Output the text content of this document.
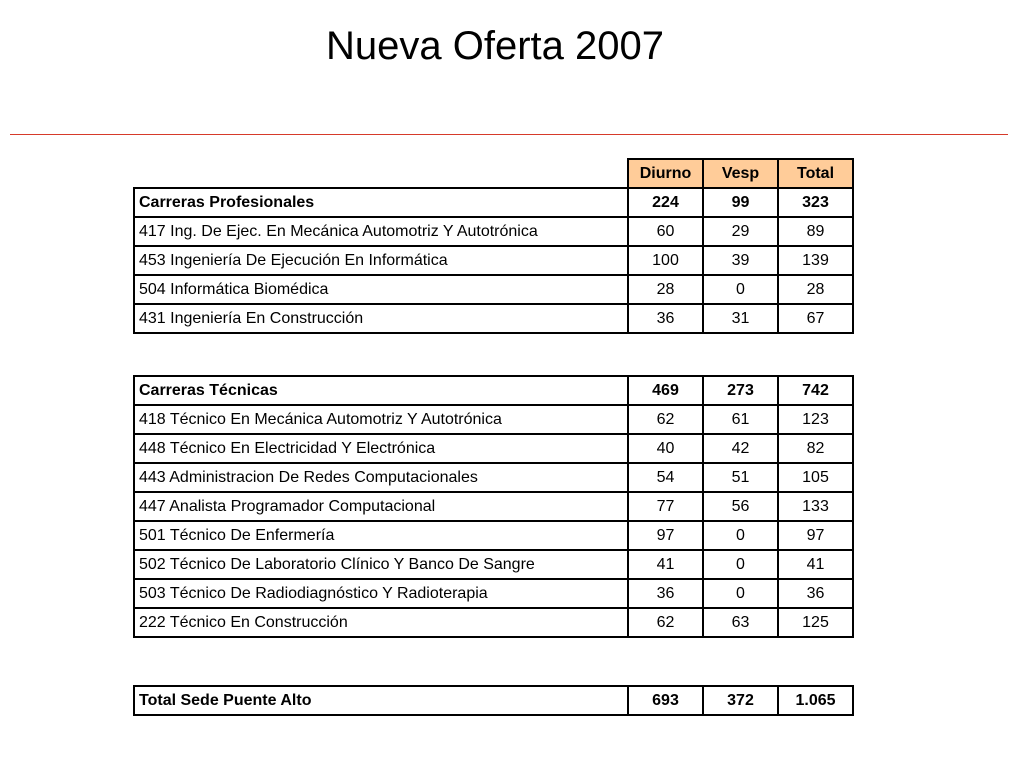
Nueva Oferta 2007
	Diurno	Vesp	Total
Carreras Profesionales	224	99	323
417 Ing. De Ejec. En Mecánica Automotriz Y Autotrónica	60	29	89
453 Ingeniería De Ejecución En Informática	100	39	139
504 Informática Biomédica	28	0	28
431 Ingeniería En Construcción	36	31	67
Carreras Técnicas	469	273	742
418 Técnico En Mecánica Automotriz Y Autotrónica	62	61	123
448 Técnico En Electricidad Y Electrónica	40	42	82
443 Administracion De Redes Computacionales	54	51	105
447 Analista Programador Computacional	77	56	133
501 Técnico De Enfermería	97	0	97
502 Técnico De Laboratorio Clínico Y Banco De Sangre	41	0	41
503 Técnico De Radiodiagnóstico Y Radioterapia	36	0	36
222 Técnico En Construcción	62	63	125
Total Sede Puente Alto	693	372	1.065
